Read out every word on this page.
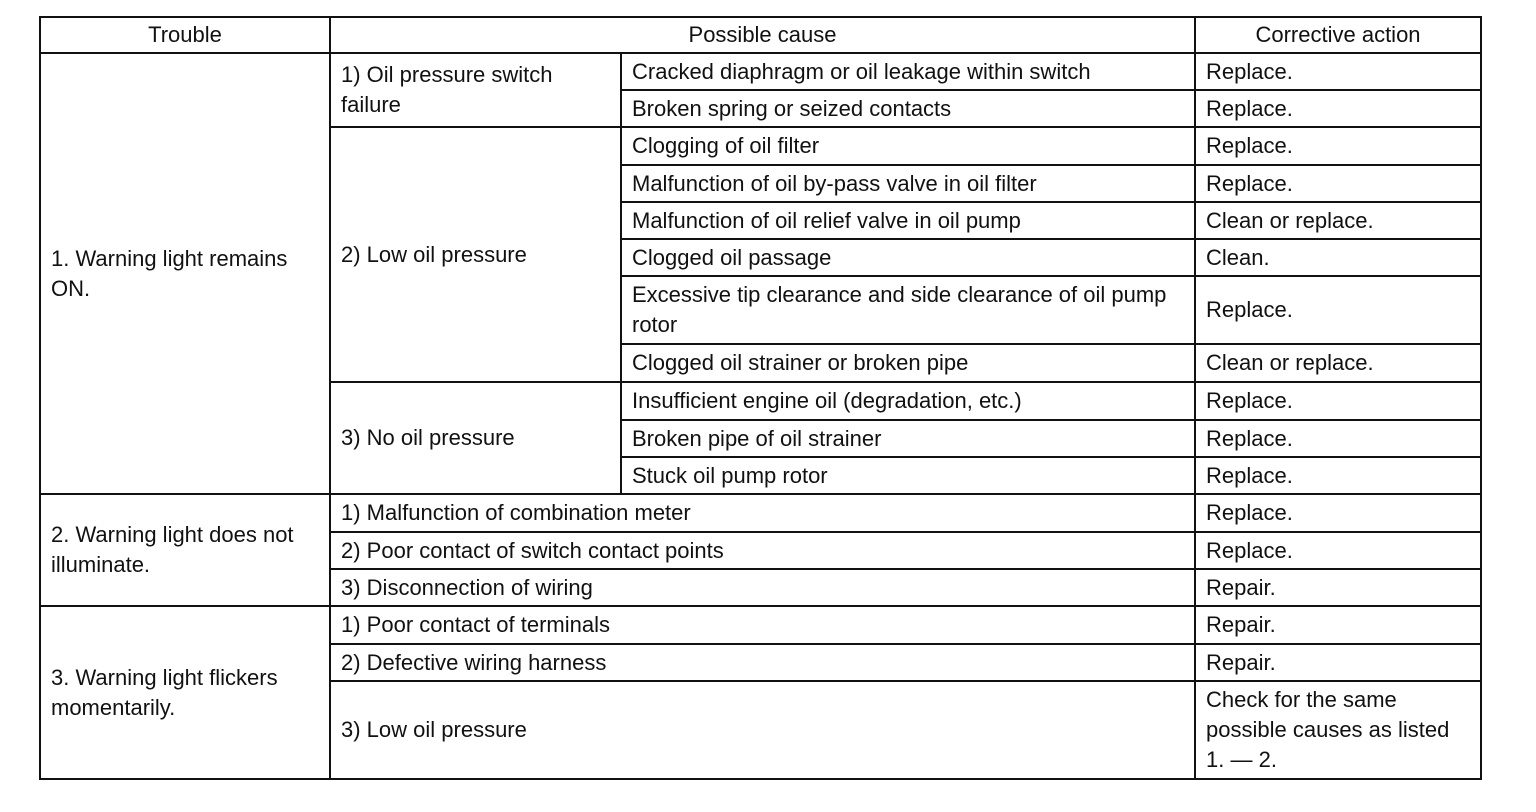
Trouble	Possible cause		Corrective action
1. Warning light remains ON.	1) Oil pressure switch failure	Cracked diaphragm or oil leakage within switch	Replace.
		Broken spring or seized contacts	Replace.
	2) Low oil pressure	Clogging of oil filter	Replace.
		Malfunction of oil by-pass valve in oil filter	Replace.
		Malfunction of oil relief valve in oil pump	Clean or replace.
		Clogged oil passage	Clean.
		Excessive tip clearance and side clearance of oil pump rotor	Replace.
		Clogged oil strainer or broken pipe	Clean or replace.
	3) No oil pressure	Insufficient engine oil (degradation, etc.)	Replace.
		Broken pipe of oil strainer	Replace.
		Stuck oil pump rotor	Replace.
2. Warning light does not illuminate.	1) Malfunction of combination meter		Replace.
	2) Poor contact of switch contact points		Replace.
	3) Disconnection of wiring		Repair.
3. Warning light flickers momentarily.	1) Poor contact of terminals		Repair.
	2) Defective wiring harness		Repair.
	3) Low oil pressure		Check for the same possible causes as listed 1. — 2.
